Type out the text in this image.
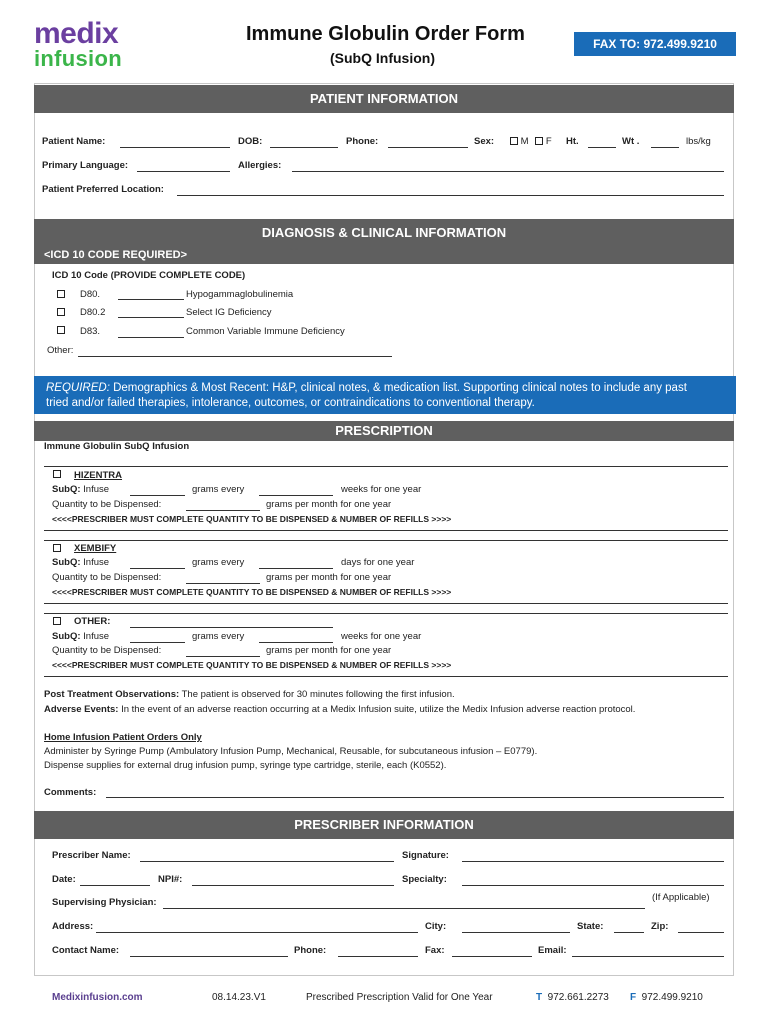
medix
infusion
Immune Globulin Order Form
(SubQ Infusion)
FAX TO: 972.499.9210
PATIENT INFORMATION
Patient Name:	DOB:	Phone:	Sex:	M F Ht.	Wt .	lbs/kg
Primary Language:	Allergies:
Patient Preferred Location:
DIAGNOSIS & CLINICAL INFORMATION
<ICD 10 CODE REQUIRED>
ICD 10 Code (PROVIDE COMPLETE CODE)
D80.	Hypogammaglobulinemia
D80.2	Select IG Deficiency
D83.	Common Variable Immune Deficiency
Other:
REQUIRED: Demographics & Most Recent: H&P, clinical notes, & medication list. Supporting clinical notes to include any past
tried and/or failed therapies, intolerance, outcomes, or contraindications to conventional therapy.
PRESCRIPTION
Immune Globulin SubQ Infusion
HIZENTRA
SubQ: Infuse	grams every	weeks for one year
Quantity to be Dispensed:	grams per month for one year
<<<<PRESCRIBER MUST COMPLETE QUANTITY TO BE DISPENSED & NUMBER OF REFILLS >>>>
XEMBIFY
SubQ: Infuse	grams every	days for one year
Quantity to be Dispensed:	grams per month for one year
<<<<PRESCRIBER MUST COMPLETE QUANTITY TO BE DISPENSED & NUMBER OF REFILLS >>>>
OTHER:
SubQ: Infuse	grams every	weeks for one year
Quantity to be Dispensed:	grams per month for one year
<<<<PRESCRIBER MUST COMPLETE QUANTITY TO BE DISPENSED & NUMBER OF REFILLS >>>>
Post Treatment Observations: The patient is observed for 30 minutes following the first infusion.
Adverse Events: In the event of an adverse reaction occurring at a Medix Infusion suite, utilize the Medix Infusion adverse reaction protocol.
Home Infusion Patient Orders Only
Administer by Syringe Pump (Ambulatory Infusion Pump, Mechanical, Reusable, for subcutaneous infusion – E0779).
Dispense supplies for external drug infusion pump, syringe type cartridge, sterile, each (K0552).
Comments:
PRESCRIBER INFORMATION
Prescriber Name:	Signature:
Date:	NPI#:	Specialty:
(If Applicable)
Supervising Physician:
Address:	City:	State:	Zip:
Contact Name:	Phone:	Fax:	Email:
Medixinfusion.com	08.14.23.V1	Prescribed Prescription Valid for One Year	T 972.661.2273 F 972.499.9210
